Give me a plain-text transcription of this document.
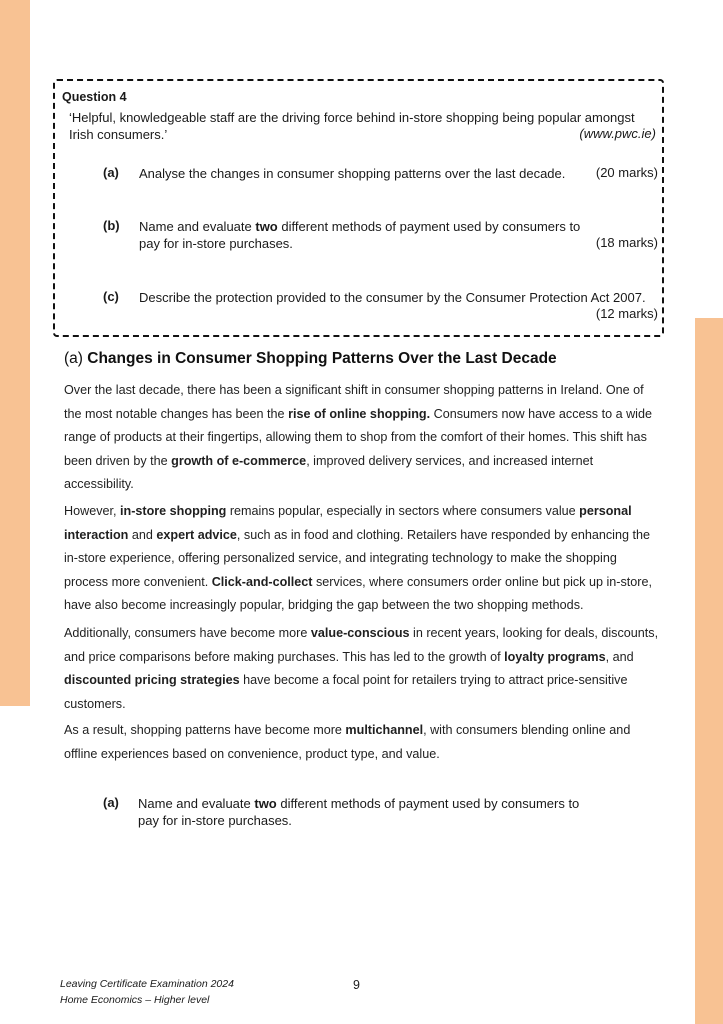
Question 4
‘Helpful, knowledgeable staff are the driving force behind in-store shopping being popular amongst Irish consumers.’	(www.pwc.ie)
(a) Analyse the changes in consumer shopping patterns over the last decade.	(20 marks)
(b) Name and evaluate two different methods of payment used by consumers to pay for in-store purchases.	(18 marks)
(c) Describe the protection provided to the consumer by the Consumer Protection Act 2007.
(12 marks)
(a) Changes in Consumer Shopping Patterns Over the Last Decade

Over the last decade, there has been a significant shift in consumer shopping patterns in Ireland. One of the most notable changes has been the rise of online shopping. Consumers now have access to a wide range of products at their fingertips, allowing them to shop from the comfort of their homes. This shift has been driven by the growth of e-commerce, improved delivery services, and increased internet accessibility.

However, in-store shopping remains popular, especially in sectors where consumers value personal interaction and expert advice, such as in food and clothing. Retailers have responded by enhancing the in-store experience, offering personalized service, and integrating technology to make the shopping process more convenient. Click-and-collect services, where consumers order online but pick up in-store, have also become increasingly popular, bridging the gap between the two shopping methods.

Additionally, consumers have become more value-conscious in recent years, looking for deals, discounts, and price comparisons before making purchases. This has led to the growth of loyalty programs, and discounted pricing strategies have become a focal point for retailers trying to attract price-sensitive customers.

As a result, shopping patterns have become more multichannel, with consumers blending online and offline experiences based on convenience, product type, and value.

(a) Name and evaluate two different methods of payment used by consumers to pay for in-store purchases.
Leaving Certificate Examination 2024
Home Economics – Higher level
9
